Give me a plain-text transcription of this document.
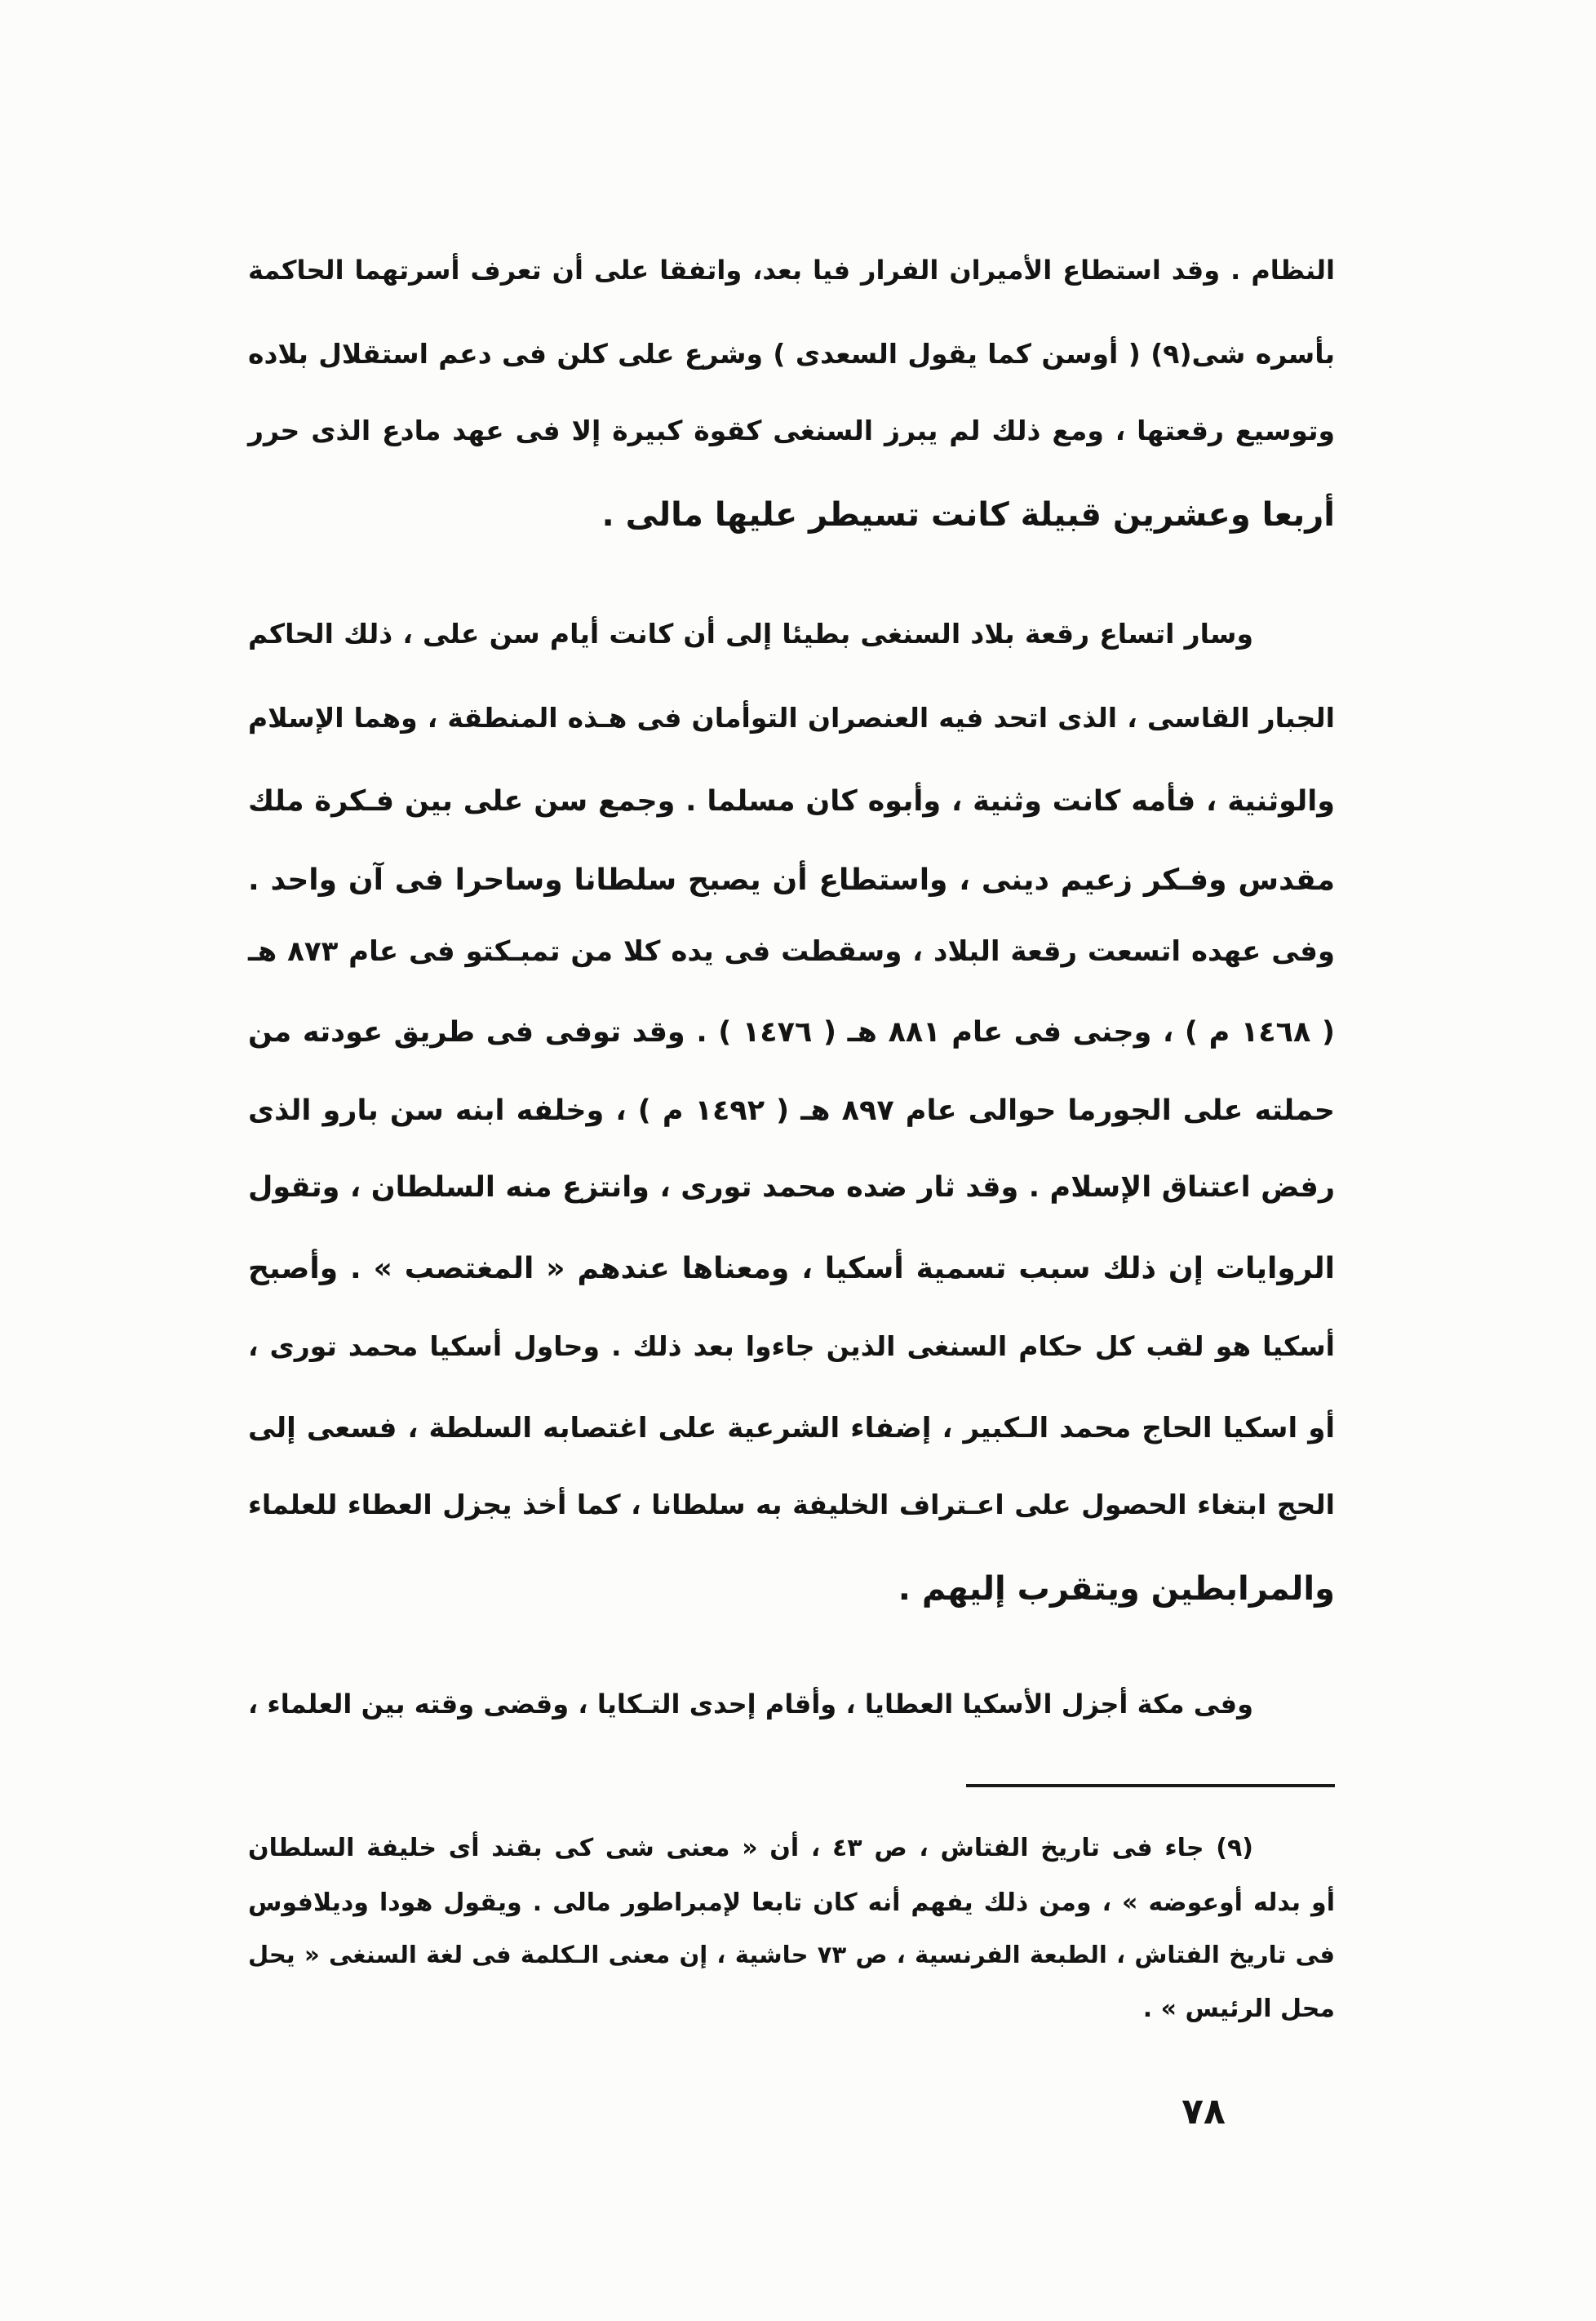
النظام . وقد استطاع الأميران الفرار فيا بعد، واتفقا على أن تعرف أسرتهما الحاكمة
بأسره شى(٩) ( أوسن كما يقول السعدى ) وشرع على كلن فى دعم استقلال بلاده
وتوسيع رقعتها ، ومع ذلك لم يبرز السنغى كقوة كبيرة إلا فى عهد مادع الذى حرر
أربعا وعشرين قبيلة كانت تسيطر عليها مالى .
وسار اتساع رقعة بلاد السنغى بطيئا إلى أن كانت أيام سن على ، ذلك الحاكم
الجبار القاسى ، الذى اتحد فيه العنصران التوأمان فى هـذه المنطقة ، وهما الإسلام
والوثنية ، فأمه كانت وثنية ، وأبوه كان مسلما . وجمع سن على بين فـكرة ملك
مقدس وفـكر زعيم دينى ، واستطاع أن يصبح سلطانا وساحرا فى آن واحد .
وفى عهده اتسعت رقعة البلاد ، وسقطت فى يده كلا من تمبـكتو فى عام ٨٧٣ هـ
( ١٤٦٨ م ) ، وجنى فى عام ٨٨١ هـ ( ١٤٧٦ ) . وقد توفى فى طريق عودته من
حملته على الجورما حوالى عام ٨٩٧ هـ ( ١٤٩٢ م ) ، وخلفه ابنه سن بارو الذى
رفض اعتناق الإسلام . وقد ثار ضده محمد تورى ، وانتزع منه السلطان ، وتقول
الروايات إن ذلك سبب تسمية أسكيا ، ومعناها عندهم « المغتصب » . وأصبح
أسكيا هو لقب كل حكام السنغى الذين جاءوا بعد ذلك . وحاول أسكيا محمد تورى ،
أو اسكيا الحاج محمد الـكبير ، إضفاء الشرعية على اغتصابه السلطة ، فسعى إلى
الحج ابتغاء الحصول على اعـتراف الخليفة به سلطانا ، كما أخذ يجزل العطاء للعلماء
والمرابطين ويتقرب إليهم .
وفى مكة أجزل الأسكيا العطايا ، وأقام إحدى التـكايا ، وقضى وقته بين العلماء ،
(٩) جاء فى تاريخ الفتاش ، ص ٤٣ ، أن « معنى شى كى بقند أى خليفة السلطان
أو بدله أوعوضه » ، ومن ذلك يفهم أنه كان تابعا لإمبراطور مالى . ويقول هودا وديلافوس
فى تاريخ الفتاش ، الطبعة الفرنسية ، ص ٧٣ حاشية ، إن معنى الـكلمة فى لغة السنغى « يحل
محل الرئيس » .
٧٨
